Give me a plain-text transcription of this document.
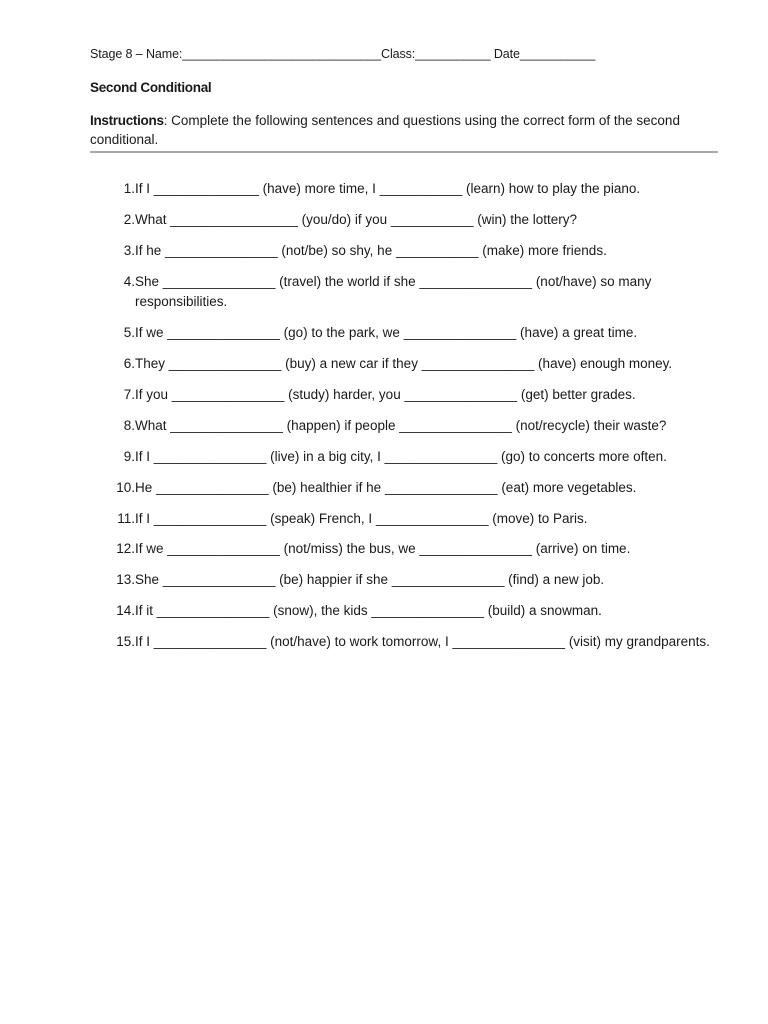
Stage 8 – Name:_____________________________Class:___________ Date___________
Second Conditional
Instructions: Complete the following sentences and questions using the correct form of the second conditional.
1. If I ______________ (have) more time, I ___________ (learn) how to play the piano.
2. What _________________ (you/do) if you ___________ (win) the lottery?
3. If he _______________ (not/be) so shy, he ___________ (make) more friends.
4. She _______________ (travel) the world if she _______________ (not/have) so many responsibilities.
5. If we _______________ (go) to the park, we _______________ (have) a great time.
6. They _______________ (buy) a new car if they _______________ (have) enough money.
7. If you _______________ (study) harder, you _______________ (get) better grades.
8. What _______________ (happen) if people _______________ (not/recycle) their waste?
9. If I _______________ (live) in a big city, I _______________ (go) to concerts more often.
10. He _______________ (be) healthier if he _______________ (eat) more vegetables.
11. If I _______________ (speak) French, I _______________ (move) to Paris.
12. If we _______________ (not/miss) the bus, we _______________ (arrive) on time.
13. She _______________ (be) happier if she _______________ (find) a new job.
14. If it _______________ (snow), the kids _______________ (build) a snowman.
15. If I _______________ (not/have) to work tomorrow, I _______________ (visit) my grandparents.
